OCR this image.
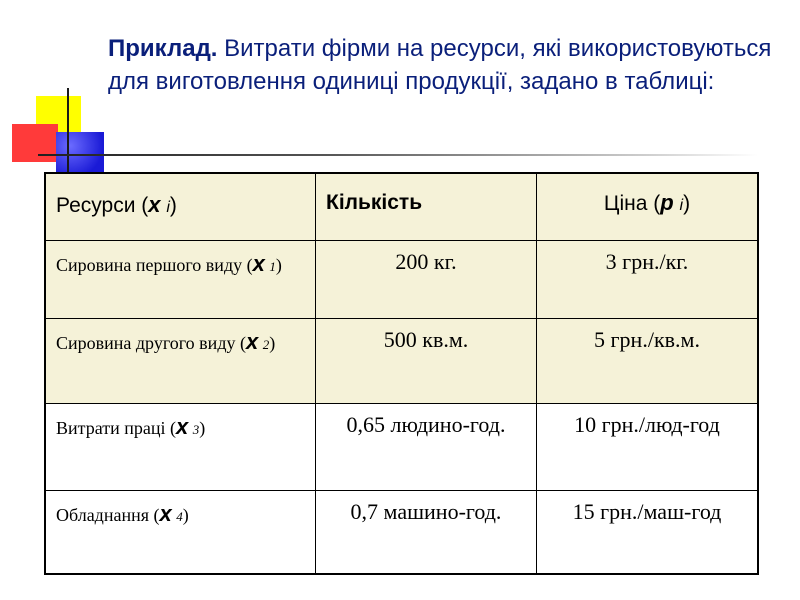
Приклад. Витрати фірми на ресурси, які використовуються для виготовлення одиниці продукції, задано в таблиці:
Ресурси (x i)	Кількість	Ціна (p i)
Сировина першого виду (x 1)	200 кг.	3 грн./кг.
Сировина другого виду (x 2)	500 кв.м.	5 грн./кв.м.
Витрати праці (x 3)	0,65 людино-год.	10 грн./люд-год
Обладнання (x 4)	0,7 машино-год.	15 грн./маш-год
